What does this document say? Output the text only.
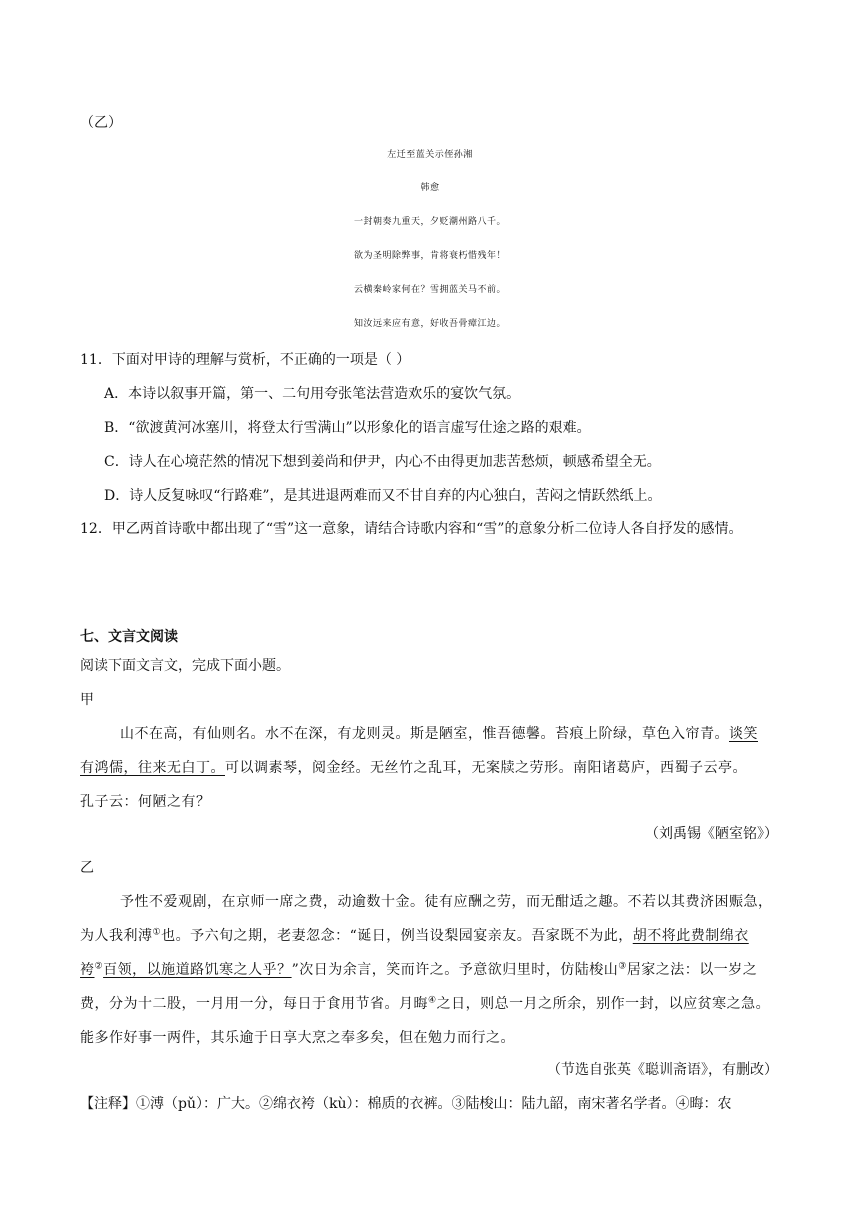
（乙）
左迁至蓝关示侄孙湘
韩愈
一封朝奏九重天，夕贬潮州路八千。
欲为圣明除弊事，肯将衰朽惜残年！
云横秦岭家何在？雪拥蓝关马不前。
知汝远来应有意，好收吾骨瘴江边。
11．下面对甲诗的理解与赏析，不正确的一项是（ ）
A．本诗以叙事开篇，第一、二句用夸张笔法营造欢乐的宴饮气氛。
B．“欲渡黄河冰塞川，将登太行雪满山”以形象化的语言虚写仕途之路的艰难。
C．诗人在心境茫然的情况下想到姜尚和伊尹，内心不由得更加悲苦愁烦，顿感希望全无。
D．诗人反复咏叹“行路难”，是其进退两难而又不甘自弃的内心独白，苦闷之情跃然纸上。
12．甲乙两首诗歌中都出现了“雪”这一意象，请结合诗歌内容和“雪”的意象分析二位诗人各自抒发的感情。
七、文言文阅读
阅读下面文言文，完成下面小题。
甲
山不在高，有仙则名。水不在深，有龙则灵。斯是陋室，惟吾德馨。苔痕上阶绿，草色入帘青。谈笑
有鸿儒，往来无白丁。可以调素琴，阅金经。无丝竹之乱耳，无案牍之劳形。南阳诸葛庐，西蜀子云亭。
孔子云：何陋之有？
（刘禹锡《陋室铭》）
乙
予性不爱观剧，在京师一席之费，动逾数十金。徒有应酬之劳，而无酣适之趣。不若以其费济困赈急，
为人我利溥①也。予六旬之期，老妻忽念：“诞日，例当设梨园宴亲友。吾家既不为此，胡不将此费制绵衣
袴②百领，以施道路饥寒之人乎？”次日为余言，笑而许之。予意欲归里时，仿陆梭山③居家之法：以一岁之
费，分为十二股，一月用一分，每日于食用节省。月晦④之日，则总一月之所余，别作一封，以应贫寒之急。
能多作好事一两件，其乐逾于日享大烹之奉多矣，但在勉力而行之。
（节选自张英《聪训斋语》，有删改）
【注释】①溥（pǔ）：广大。②绵衣袴（kù）：棉质的衣裤。③陆梭山：陆九韶，南宋著名学者。④晦：农
